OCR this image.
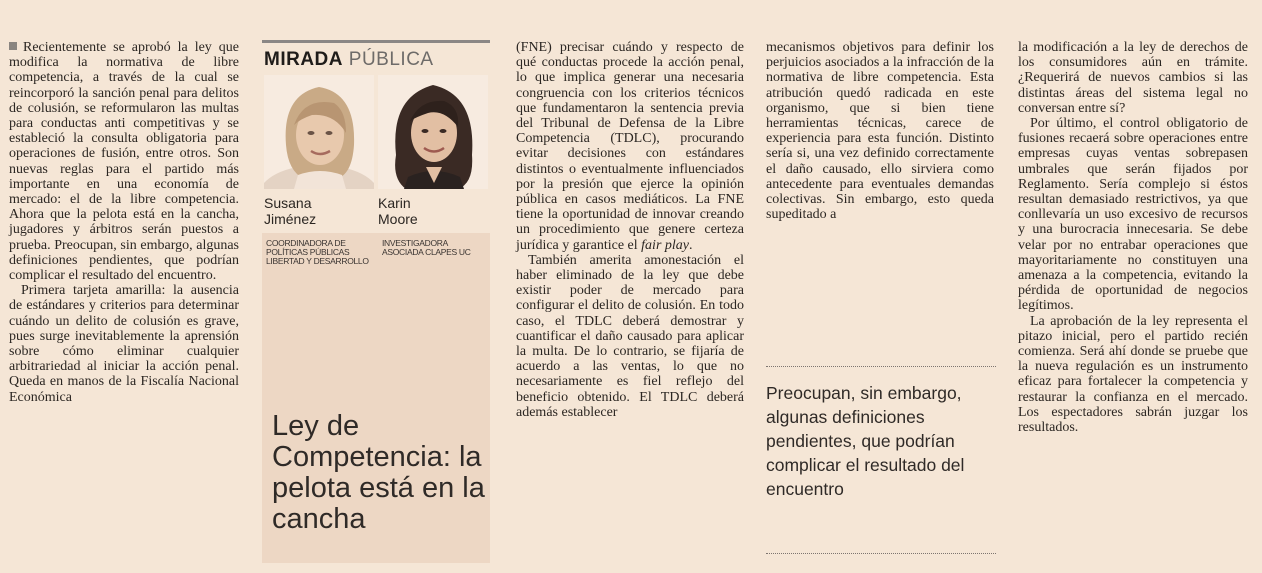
Recientemente se aprobó la ley que modifica la normativa de libre competencia, a través de la cual se reincorporó la sanción penal para delitos de colusión, se reformularon las multas para conductas anti competitivas y se estableció la consulta obligatoria para operaciones de fusión, entre otros. Son nuevas reglas para el partido más importante en una economía de mercado: el de la libre competencia. Ahora que la pelota está en la cancha, jugadores y árbitros serán puestos a prueba. Preocupan, sin embargo, algunas definiciones pendientes, que podrían complicar el resultado del encuentro.

Primera tarjeta amarilla: la ausencia de estándares y criterios para determinar cuándo un delito de colusión es grave, pues surge inevitablemente la aprensión sobre cómo eliminar cualquier arbitrariedad al iniciar la acción penal. Queda en manos de la Fiscalía Nacional Económica

MIRADA PÚBLICA
Susana
Jiménez
Karin
Moore
COORDINADORA DE POLÍTICAS PÚBLICAS LIBERTAD Y DESARROLLO
INVESTIGADORA ASOCIADA CLAPES UC
Ley de Competencia: la pelota está en la cancha

(FNE) precisar cuándo y respecto de qué conductas procede la acción penal, lo que implica generar una necesaria congruencia con los criterios técnicos que fundamentaron la sentencia previa del Tribunal de Defensa de la Libre Competencia (TDLC), procurando evitar decisiones con estándares distintos o eventualmente influenciados por la presión que ejerce la opinión pública en casos mediáticos. La FNE tiene la oportunidad de innovar creando un procedimiento que genere certeza jurídica y garantice el fair play.

También amerita amonestación el haber eliminado de la ley que debe existir poder de mercado para configurar el delito de colusión. En todo caso, el TDLC deberá demostrar y cuantificar el daño causado para aplicar la multa. De lo contrario, se fijaría de acuerdo a las ventas, lo que no necesariamente es fiel reflejo del beneficio obtenido. El TDLC deberá además establecer

mecanismos objetivos para definir los perjuicios asociados a la infracción de la normativa de libre competencia. Esta atribución quedó radicada en este organismo, que si bien tiene herramientas técnicas, carece de experiencia para esta función. Distinto sería si, una vez definido correctamente el daño causado, ello sirviera como antecedente para eventuales demandas colectivas. Sin embargo, esto queda supeditado a

Preocupan, sin embargo, algunas definiciones pendientes, que podrían complicar el resultado del encuentro

la modificación a la ley de derechos de los consumidores aún en trámite. ¿Requerirá de nuevos cambios si las distintas áreas del sistema legal no conversan entre sí?

Por último, el control obligatorio de fusiones recaerá sobre operaciones entre empresas cuyas ventas sobrepasen umbrales que serán fijados por Reglamento. Sería complejo si éstos resultan demasiado restrictivos, ya que conllevaría un uso excesivo de recursos y una burocracia innecesaria. Se debe velar por no entrabar operaciones que mayoritariamente no constituyen una amenaza a la competencia, evitando la pérdida de oportunidad de negocios legítimos.

La aprobación de la ley representa el pitazo inicial, pero el partido recién comienza. Será ahí donde se pruebe que la nueva regulación es un instrumento eficaz para fortalecer la competencia y restaurar la confianza en el mercado. Los espectadores sabrán juzgar los resultados.
